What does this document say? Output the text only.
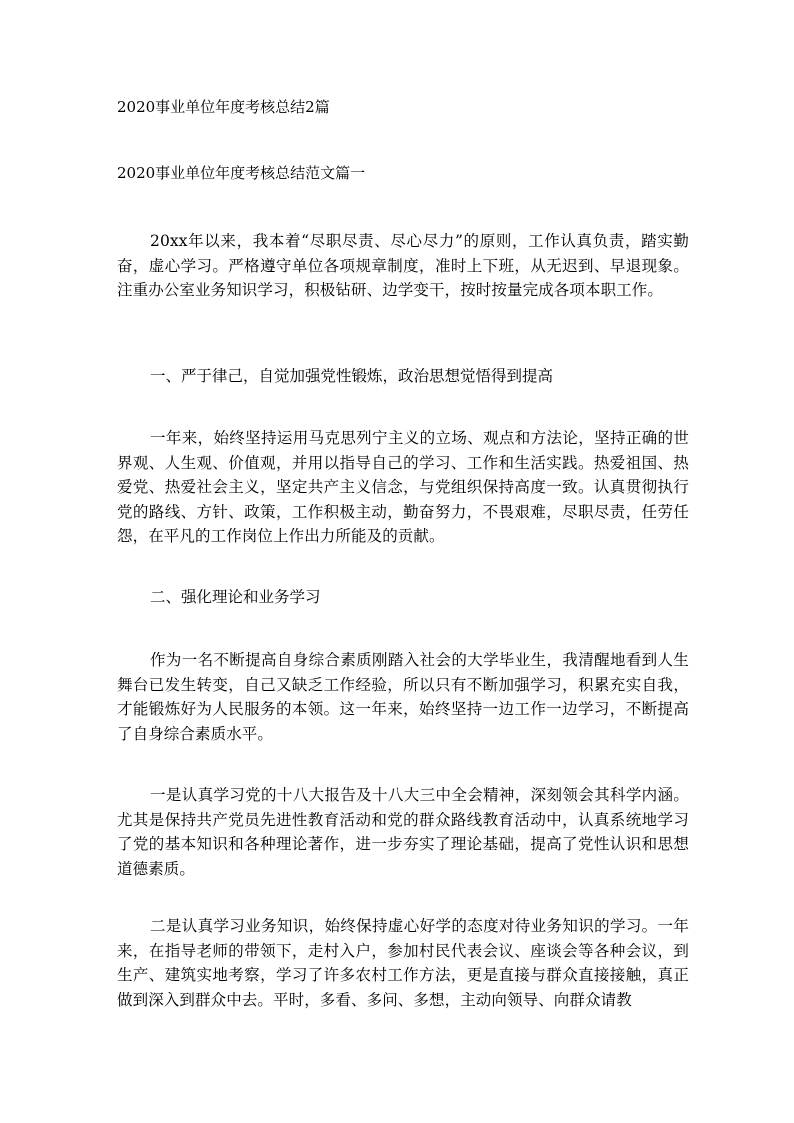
2020事业单位年度考核总结2篇
2020事业单位年度考核总结范文篇一
20xx年以来，我本着“尽职尽责、尽心尽力”的原则，工作认真负责，踏实勤奋，虚心学习。严格遵守单位各项规章制度，准时上下班，从无迟到、早退现象。注重办公室业务知识学习，积极钻研、边学变干，按时按量完成各项本职工作。
一、严于律己，自觉加强党性锻炼，政治思想觉悟得到提高
一年来，始终坚持运用马克思列宁主义的立场、观点和方法论，坚持正确的世界观、人生观、价值观，并用以指导自己的学习、工作和生活实践。热爱祖国、热爱党、热爱社会主义，坚定共产主义信念，与党组织保持高度一致。认真贯彻执行党的路线、方针、政策，工作积极主动，勤奋努力，不畏艰难，尽职尽责，任劳任怨，在平凡的工作岗位上作出力所能及的贡献。
二、强化理论和业务学习
作为一名不断提高自身综合素质刚踏入社会的大学毕业生，我清醒地看到人生舞台已发生转变，自己又缺乏工作经验，所以只有不断加强学习，积累充实自我，才能锻炼好为人民服务的本领。这一年来，始终坚持一边工作一边学习，不断提高了自身综合素质水平。
一是认真学习党的十八大报告及十八大三中全会精神，深刻领会其科学内涵。尤其是保持共产党员先进性教育活动和党的群众路线教育活动中，认真系统地学习了党的基本知识和各种理论著作，进一步夯实了理论基础，提高了党性认识和思想道德素质。
二是认真学习业务知识，始终保持虚心好学的态度对待业务知识的学习。一年来，在指导老师的带领下，走村入户，参加村民代表会议、座谈会等各种会议，到生产、建筑实地考察，学习了许多农村工作方法，更是直接与群众直接接触，真正做到深入到群众中去。平时，多看、多问、多想，主动向领导、向群众请教
